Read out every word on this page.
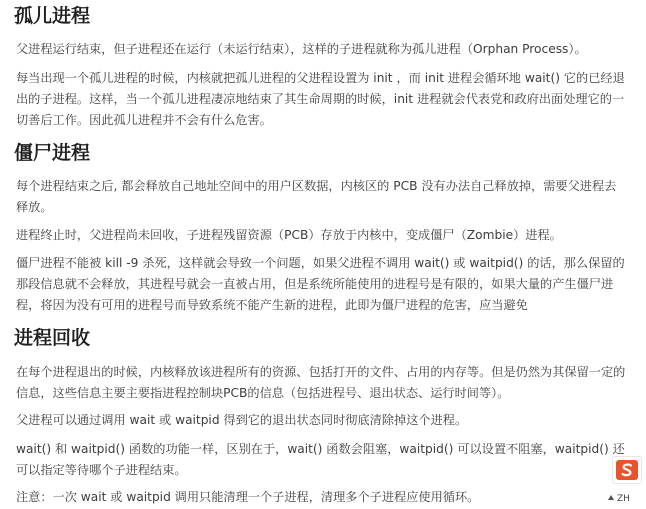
孤儿进程

父进程运行结束，但子进程还在运行（未运行结束），这样的子进程就称为孤儿进程（Orphan Process）。

每当出现一个孤儿进程的时候，内核就把孤儿进程的父进程设置为 init ，而 init 进程会循环地 wait() 它的已经退出的子进程。这样，当一个孤儿进程凄凉地结束了其生命周期的时候，init 进程就会代表党和政府出面处理它的一切善后工作。因此孤儿进程并不会有什么危害。

僵尸进程

每个进程结束之后, 都会释放自己地址空间中的用户区数据，内核区的 PCB 没有办法自己释放掉，需要父进程去释放。

进程终止时，父进程尚未回收，子进程残留资源（PCB）存放于内核中，变成僵尸（Zombie）进程。

僵尸进程不能被 kill -9 杀死，这样就会导致一个问题，如果父进程不调用 wait() 或 waitpid() 的话，那么保留的那段信息就不会释放，其进程号就会一直被占用，但是系统所能使用的进程号是有限的，如果大量的产生僵尸进程，将因为没有可用的进程号而导致系统不能产生新的进程，此即为僵尸进程的危害，应当避免

进程回收

在每个进程退出的时候，内核释放该进程所有的资源、包括打开的文件、占用的内存等。但是仍然为其保留一定的信息，这些信息主要主要指进程控制块PCB的信息（包括进程号、退出状态、运行时间等）。

父进程可以通过调用 wait 或 waitpid 得到它的退出状态同时彻底清除掉这个进程。

wait() 和 waitpid() 函数的功能一样，区别在于，wait() 函数会阻塞，waitpid() 可以设置不阻塞，waitpid() 还可以指定等待哪个子进程结束。

注意：一次 wait 或 waitpid 调用只能清理一个子进程，清理多个子进程应使用循环。	ZH
